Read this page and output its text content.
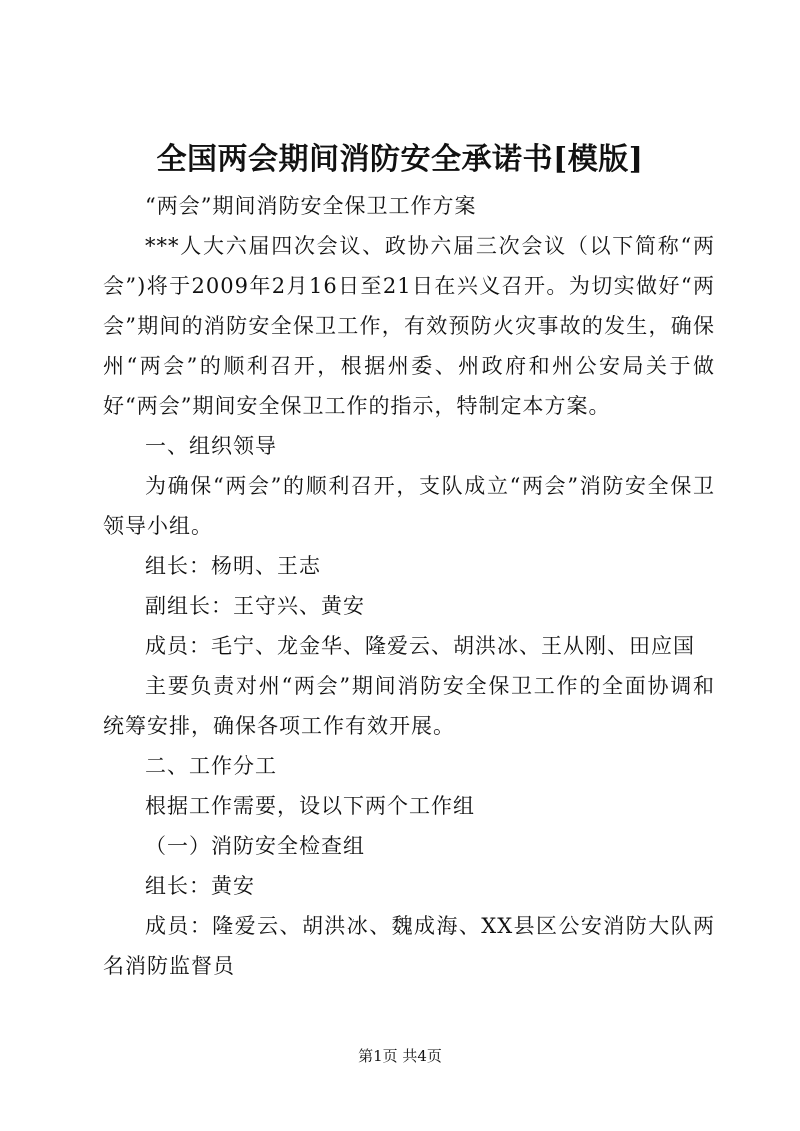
全国两会期间消防安全承诺书[模版]

“两会”期间消防安全保卫工作方案

***人大六届四次会议、政协六届三次会议（以下简称“两会”)将于2009年2月16日至21日在兴义召开。为切实做好“两会”期间的消防安全保卫工作，有效预防火灾事故的发生，确保州“两会”的顺利召开，根据州委、州政府和州公安局关于做好“两会”期间安全保卫工作的指示，特制定本方案。

一、组织领导

为确保“两会”的顺利召开，支队成立“两会”消防安全保卫领导小组。

组长：杨明、王志

副组长：王守兴、黄安

成员：毛宁、龙金华、隆爱云、胡洪冰、王从刚、田应国

主要负责对州“两会”期间消防安全保卫工作的全面协调和统筹安排，确保各项工作有效开展。

二、工作分工

根据工作需要，设以下两个工作组

（一）消防安全检查组

组长：黄安

成员：隆爱云、胡洪冰、魏成海、XX县区公安消防大队两名消防监督员

第1页 共4页
